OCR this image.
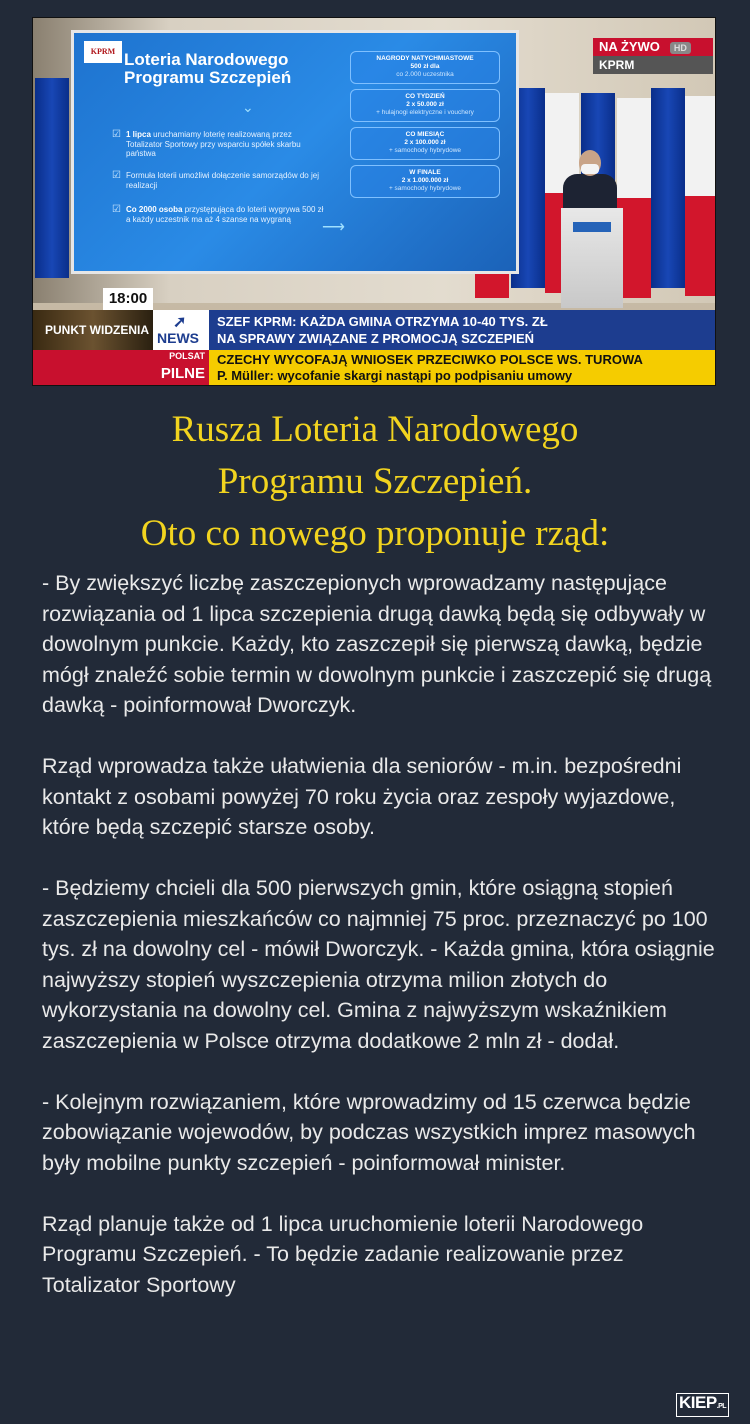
KPRM Loteria Narodowego
Programu Szczepień
⌄
☑ 1 lipca uruchamiamy loterię realizowaną przez Totalizator Sportowy przy wsparciu spółek skarbu państwa
☑ Formuła loterii umożliwi dołączenie samorządów do jej realizacji
☑ Co 2000 osoba przystępująca do loterii wygrywa 500 zł a każdy uczestnik ma aż 4 szanse na wygraną	⟶
NAGRODY NATYCHMIASTOWE
500 zł dla
co 2.000 uczestnika
CO TYDZIEŃ
2 x 50.000 zł
+ hulajnogi elektryczne i vouchery
CO MIESIĄC
2 x 100.000 zł
+ samochody hybrydowe
W FINALE
2 x 1.000.000 zł
+ samochody hybrydowe
NA ŻYWO HD
KPRM
18:00
PUNKT WIDZENIA ➚
NEWS
SZEF KPRM: KAŻDA GMINA OTRZYMA 10-40 TYS. ZŁ
NA SPRAWY ZWIĄZANE Z PROMOCJĄ SZCZEPIEŃ
POLSAT
PILNE
CZECHY WYCOFAJĄ WNIOSEK PRZECIWKO POLSCE WS. TUROWA
P. Müller: wycofanie skargi nastąpi po podpisaniu umowy
Rusza Loteria Narodowego
Programu Szczepień.
Oto co nowego proponuje rząd:

- By zwiększyć liczbę zaszczepionych wprowadzamy następujące rozwiązania od 1 lipca szczepienia drugą dawką będą się odbywały w dowolnym punkcie. Każdy, kto zaszczepił się pierwszą dawką, będzie mógł znaleźć sobie termin w dowolnym punkcie i zaszczepić się drugą dawką - poinformował Dworczyk.

Rząd wprowadza także ułatwienia dla seniorów - m.in. bezpośredni kontakt z osobami powyżej 70 roku życia oraz zespoły wyjazdowe, które będą szczepić starsze osoby.

- Będziemy chcieli dla 500 pierwszych gmin, które osiągną stopień zaszczepienia mieszkańców co najmniej 75 proc. przeznaczyć po 100 tys. zł na dowolny cel - mówił Dworczyk. - Każda gmina, która osiągnie najwyższy stopień wyszczepienia otrzyma milion złotych do wykorzystania na dowolny cel. Gmina z najwyższym wskaźnikiem zaszczepienia w Polsce otrzyma dodatkowe 2 mln zł - dodał.

- Kolejnym rozwiązaniem, które wprowadzimy od 15 czerwca będzie zobowiązanie wojewodów, by podczas wszystkich imprez masowych były mobilne punkty szczepień - poinformował minister.

Rząd planuje także od 1 lipca uruchomienie loterii Narodowego Programu Szczepień. - To będzie zadanie realizowanie przez Totalizator Sportowy

KIEP.PL
